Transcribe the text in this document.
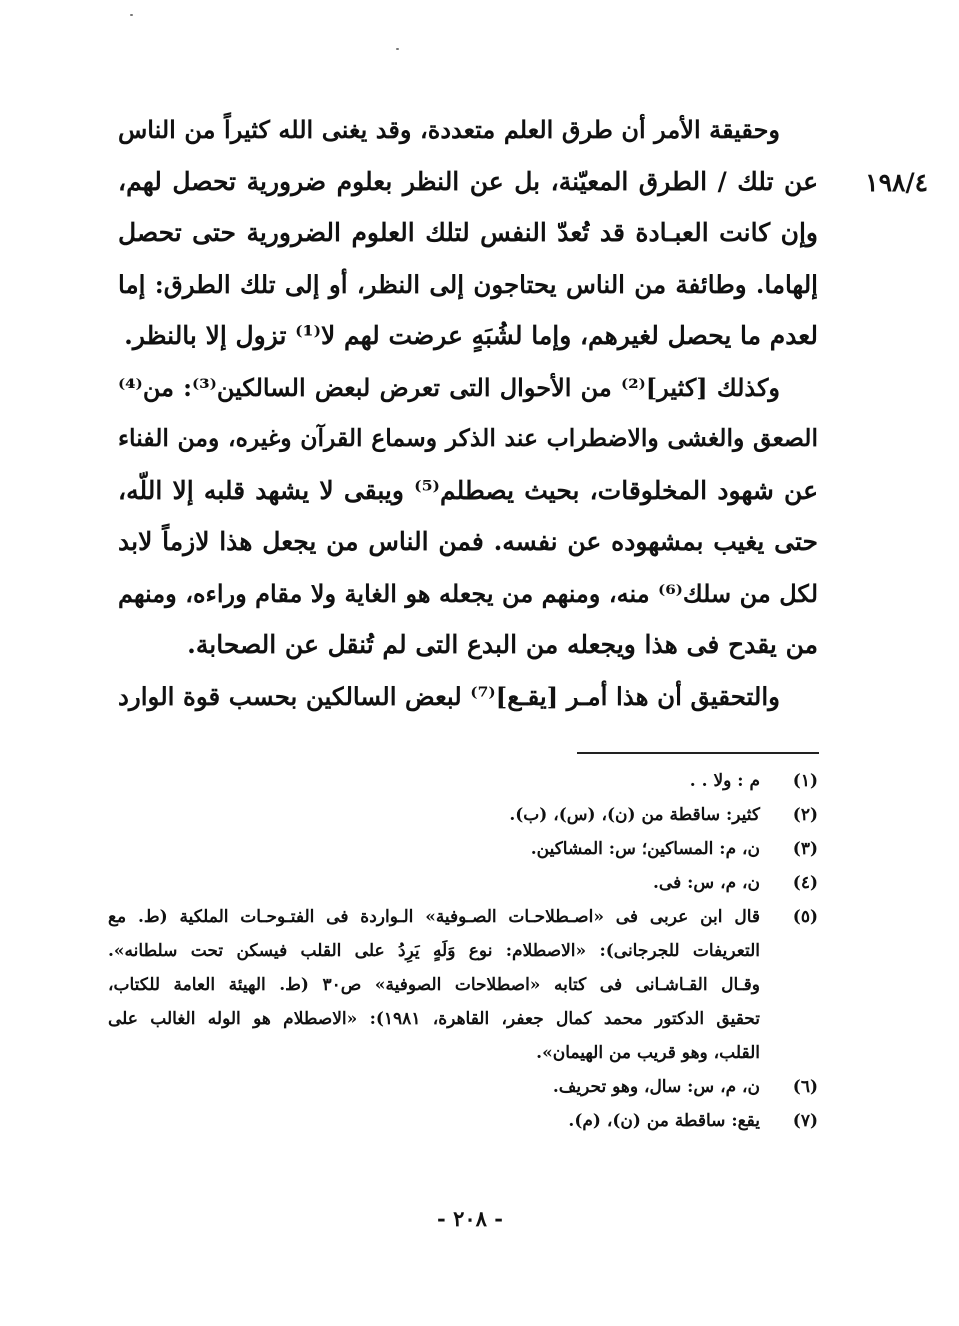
١٩٨/٤
وحقيقة الأمر أن طرق العلم متعددة، وقد يغنى الله كثيراً من الناس
عن تلك / الطرق المعيّنة، بل عن النظر بعلوم ضرورية تحصل لهم،
وإن كانت العبـادة قد تُعدّ النفس لتلك العلوم الضرورية حتى تحصل
إلهاما. وطائفة من الناس يحتاجون إلى النظر، أو إلى تلك الطرق: إما
لعدم ما يحصل لغيرهم، وإما لشُبَهٍ عرضت لهم لا⁽¹⁾ تزول إلا بالنظر.
وكذلك [كثير]⁽²⁾ من الأحوال التى تعرض لبعض السالكين⁽³⁾: من⁽⁴⁾
الصعق والغشى والاضطراب عند الذكر وسماع القرآن وغيره، ومن الفناء
عن شهود المخلوقات، بحيث يصطلم⁽⁵⁾ ويبقى لا يشهد قلبه إلا اللّه،
حتى يغيب بمشهوده عن نفسه. فمن الناس من يجعل هذا لازماً لابد
لكل من سلك⁽⁶⁾ منه، ومنهم من يجعله هو الغاية ولا مقام وراءه، ومنهم
من يقدح فى هذا ويجعله من البدع التى لم تُنقل عن الصحابة.
والتحقيق أن هذا أمـر [يقـع]⁽⁷⁾ لبعض السالكين بحسب قوة الوارد
(١)
م : ولا . .
(٢)
كثير: ساقطة من (ن)، (س)، (ب).
(٣)
ن، م: المساكين؛ س: المشاكين.
(٤)
ن، م، س: فى.
(٥)
قال ابن عربى فى «اصـطلاحـات الصـوفية» الـواردة فى الفتـوحـات الملكية (ط. مع
التعريفات للجرجانى): «الاصطلام: نوع وَلَهٍ يَرِدُ على القلب فيسكن تحت سلطانه».
وقـال القـاشـانى فى كتابه «اصطلاحات الصوفية» ص٣٠ (ط. الهيئة العامة للكتاب،
تحقيق الدكتور محمد كمال جعفر، القاهرة، ١٩٨١): «الاصطلام هو الوله الغالب على
القلب، وهو قريب من الهيمان».
(٦)
ن، م، س: سال، وهو تحريف.
(٧)
يقع: ساقطة من (ن)، (م).
- ٢٠٨ -
